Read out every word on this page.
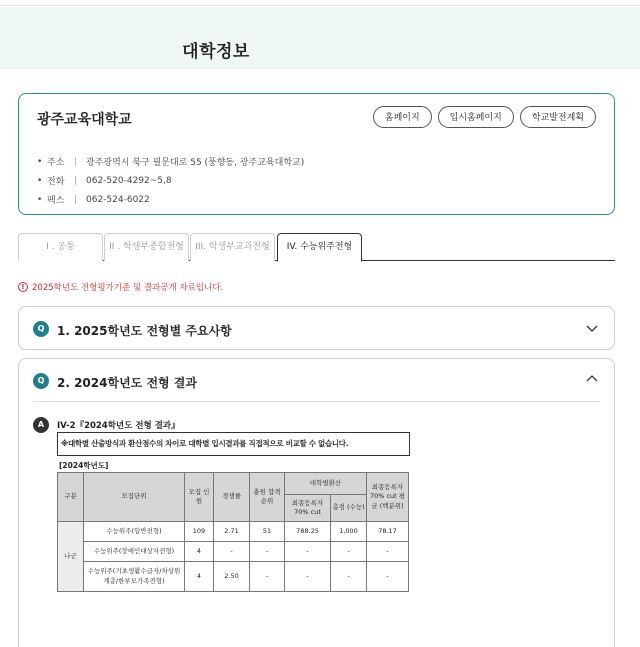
대학정보
광주교육대학교	홈페이지	입시홈페이지	학교발전계획
• 주소	광주광역시 북구 필문대로 55 (풍향동, 광주교육대학교)
• 전화	062-520-4292~5,8
• 팩스	062-524-6022
I . 공통	II . 학생부종합전형	III. 학생부교과전형	IV. 수능위주전형
! 2025학년도 전형평가기준 및 결과공개 자료입니다.
Q	1. 2025학년도 전형별 주요사항
Q	2. 2024학년도 전형 결과
A	IV-2『2024학년도 전형 결과』
※대학별 산출방식과 환산점수의 차이로 대학별 입시결과를 직접적으로 비교할 수 없습니다.
[2024학년도]
구분	모집단위	모집 인원	경쟁률	충원 합격 순위	대학별환산		최종등록자 70% cut 평균 (백분위)
					최종등록자 70% cut	총점 (수능)	
나군	수능위주(일반전형)	109	2.71	51	788.25	1,000	78.17
	수능위주(장애인대상자전형)	4	-	-	-	-	-
	수능위주(기초생활수급자/차상위계층/한부모가족전형)	4	2.50	-	-	-	-
